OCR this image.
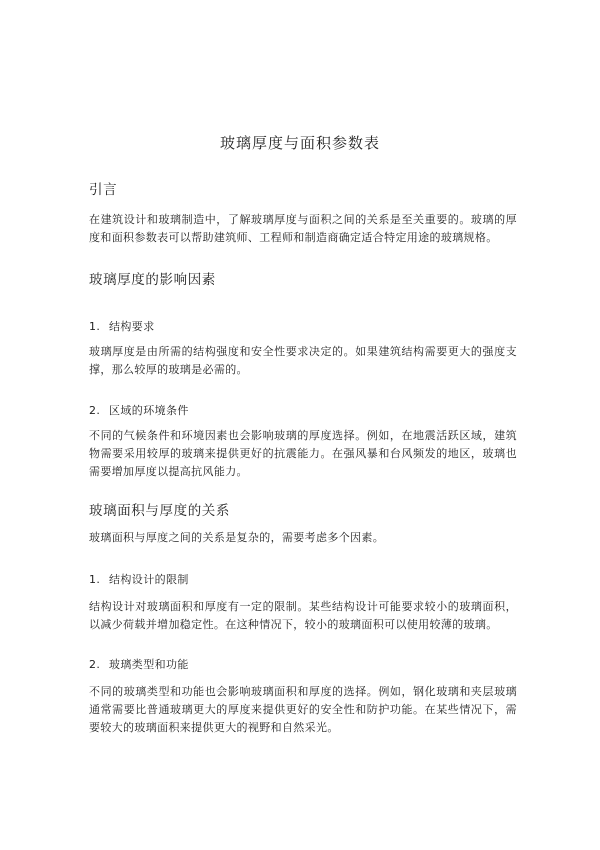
玻璃厚度与面积参数表
引言

在建筑设计和玻璃制造中，了解玻璃厚度与面积之间的关系是至关重要的。玻璃的厚度和面积参数表可以帮助建筑师、工程师和制造商确定适合特定用途的玻璃规格。

玻璃厚度的影响因素
1. 结构要求

玻璃厚度是由所需的结构强度和安全性要求决定的。如果建筑结构需要更大的强度支撑，那么较厚的玻璃是必需的。

2. 区域的环境条件

不同的气候条件和环境因素也会影响玻璃的厚度选择。例如，在地震活跃区域，建筑物需要采用较厚的玻璃来提供更好的抗震能力。在强风暴和台风频发的地区，玻璃也需要增加厚度以提高抗风能力。

玻璃面积与厚度的关系

玻璃面积与厚度之间的关系是复杂的，需要考虑多个因素。

1. 结构设计的限制

结构设计对玻璃面积和厚度有一定的限制。某些结构设计可能要求较小的玻璃面积，以减少荷载并增加稳定性。在这种情况下，较小的玻璃面积可以使用较薄的玻璃。

2. 玻璃类型和功能

不同的玻璃类型和功能也会影响玻璃面积和厚度的选择。例如，钢化玻璃和夹层玻璃通常需要比普通玻璃更大的厚度来提供更好的安全性和防护功能。在某些情况下，需要较大的玻璃面积来提供更大的视野和自然采光。
